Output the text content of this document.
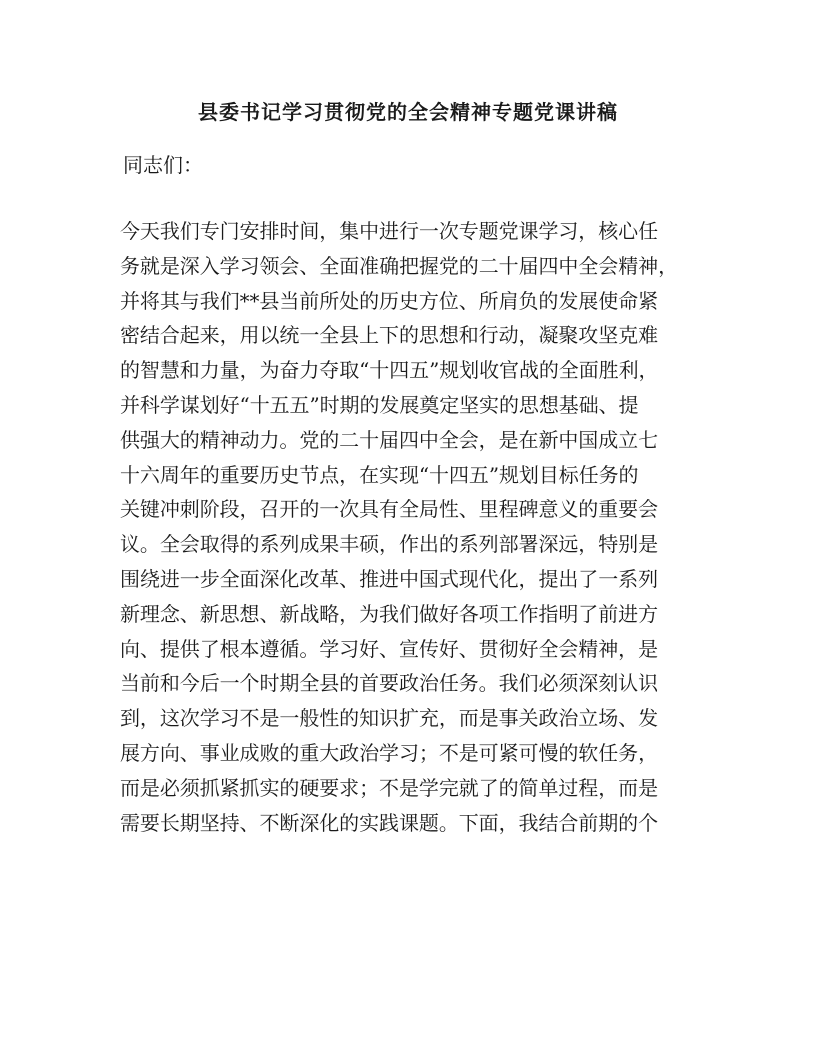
县委书记学习贯彻党的全会精神专题党课讲稿
同志们：
今天我们专门安排时间，集中进行一次专题党课学习，核心任
务就是深入学习领会、全面准确把握党的二十届四中全会精神，
并将其与我们**县当前所处的历史方位、所肩负的发展使命紧
密结合起来，用以统一全县上下的思想和行动，凝聚攻坚克难
的智慧和力量，为奋力夺取“十四五”规划收官战的全面胜利，
并科学谋划好“十五五”时期的发展奠定坚实的思想基础、提
供强大的精神动力。党的二十届四中全会，是在新中国成立七
十六周年的重要历史节点，在实现“十四五”规划目标任务的
关键冲刺阶段，召开的一次具有全局性、里程碑意义的重要会
议。全会取得的系列成果丰硕，作出的系列部署深远，特别是
围绕进一步全面深化改革、推进中国式现代化，提出了一系列
新理念、新思想、新战略，为我们做好各项工作指明了前进方
向、提供了根本遵循。学习好、宣传好、贯彻好全会精神，是
当前和今后一个时期全县的首要政治任务。我们必须深刻认识
到，这次学习不是一般性的知识扩充，而是事关政治立场、发
展方向、事业成败的重大政治学习；不是可紧可慢的软任务，
而是必须抓紧抓实的硬要求；不是学完就了的简单过程，而是
需要长期坚持、不断深化的实践课题。下面，我结合前期的个
